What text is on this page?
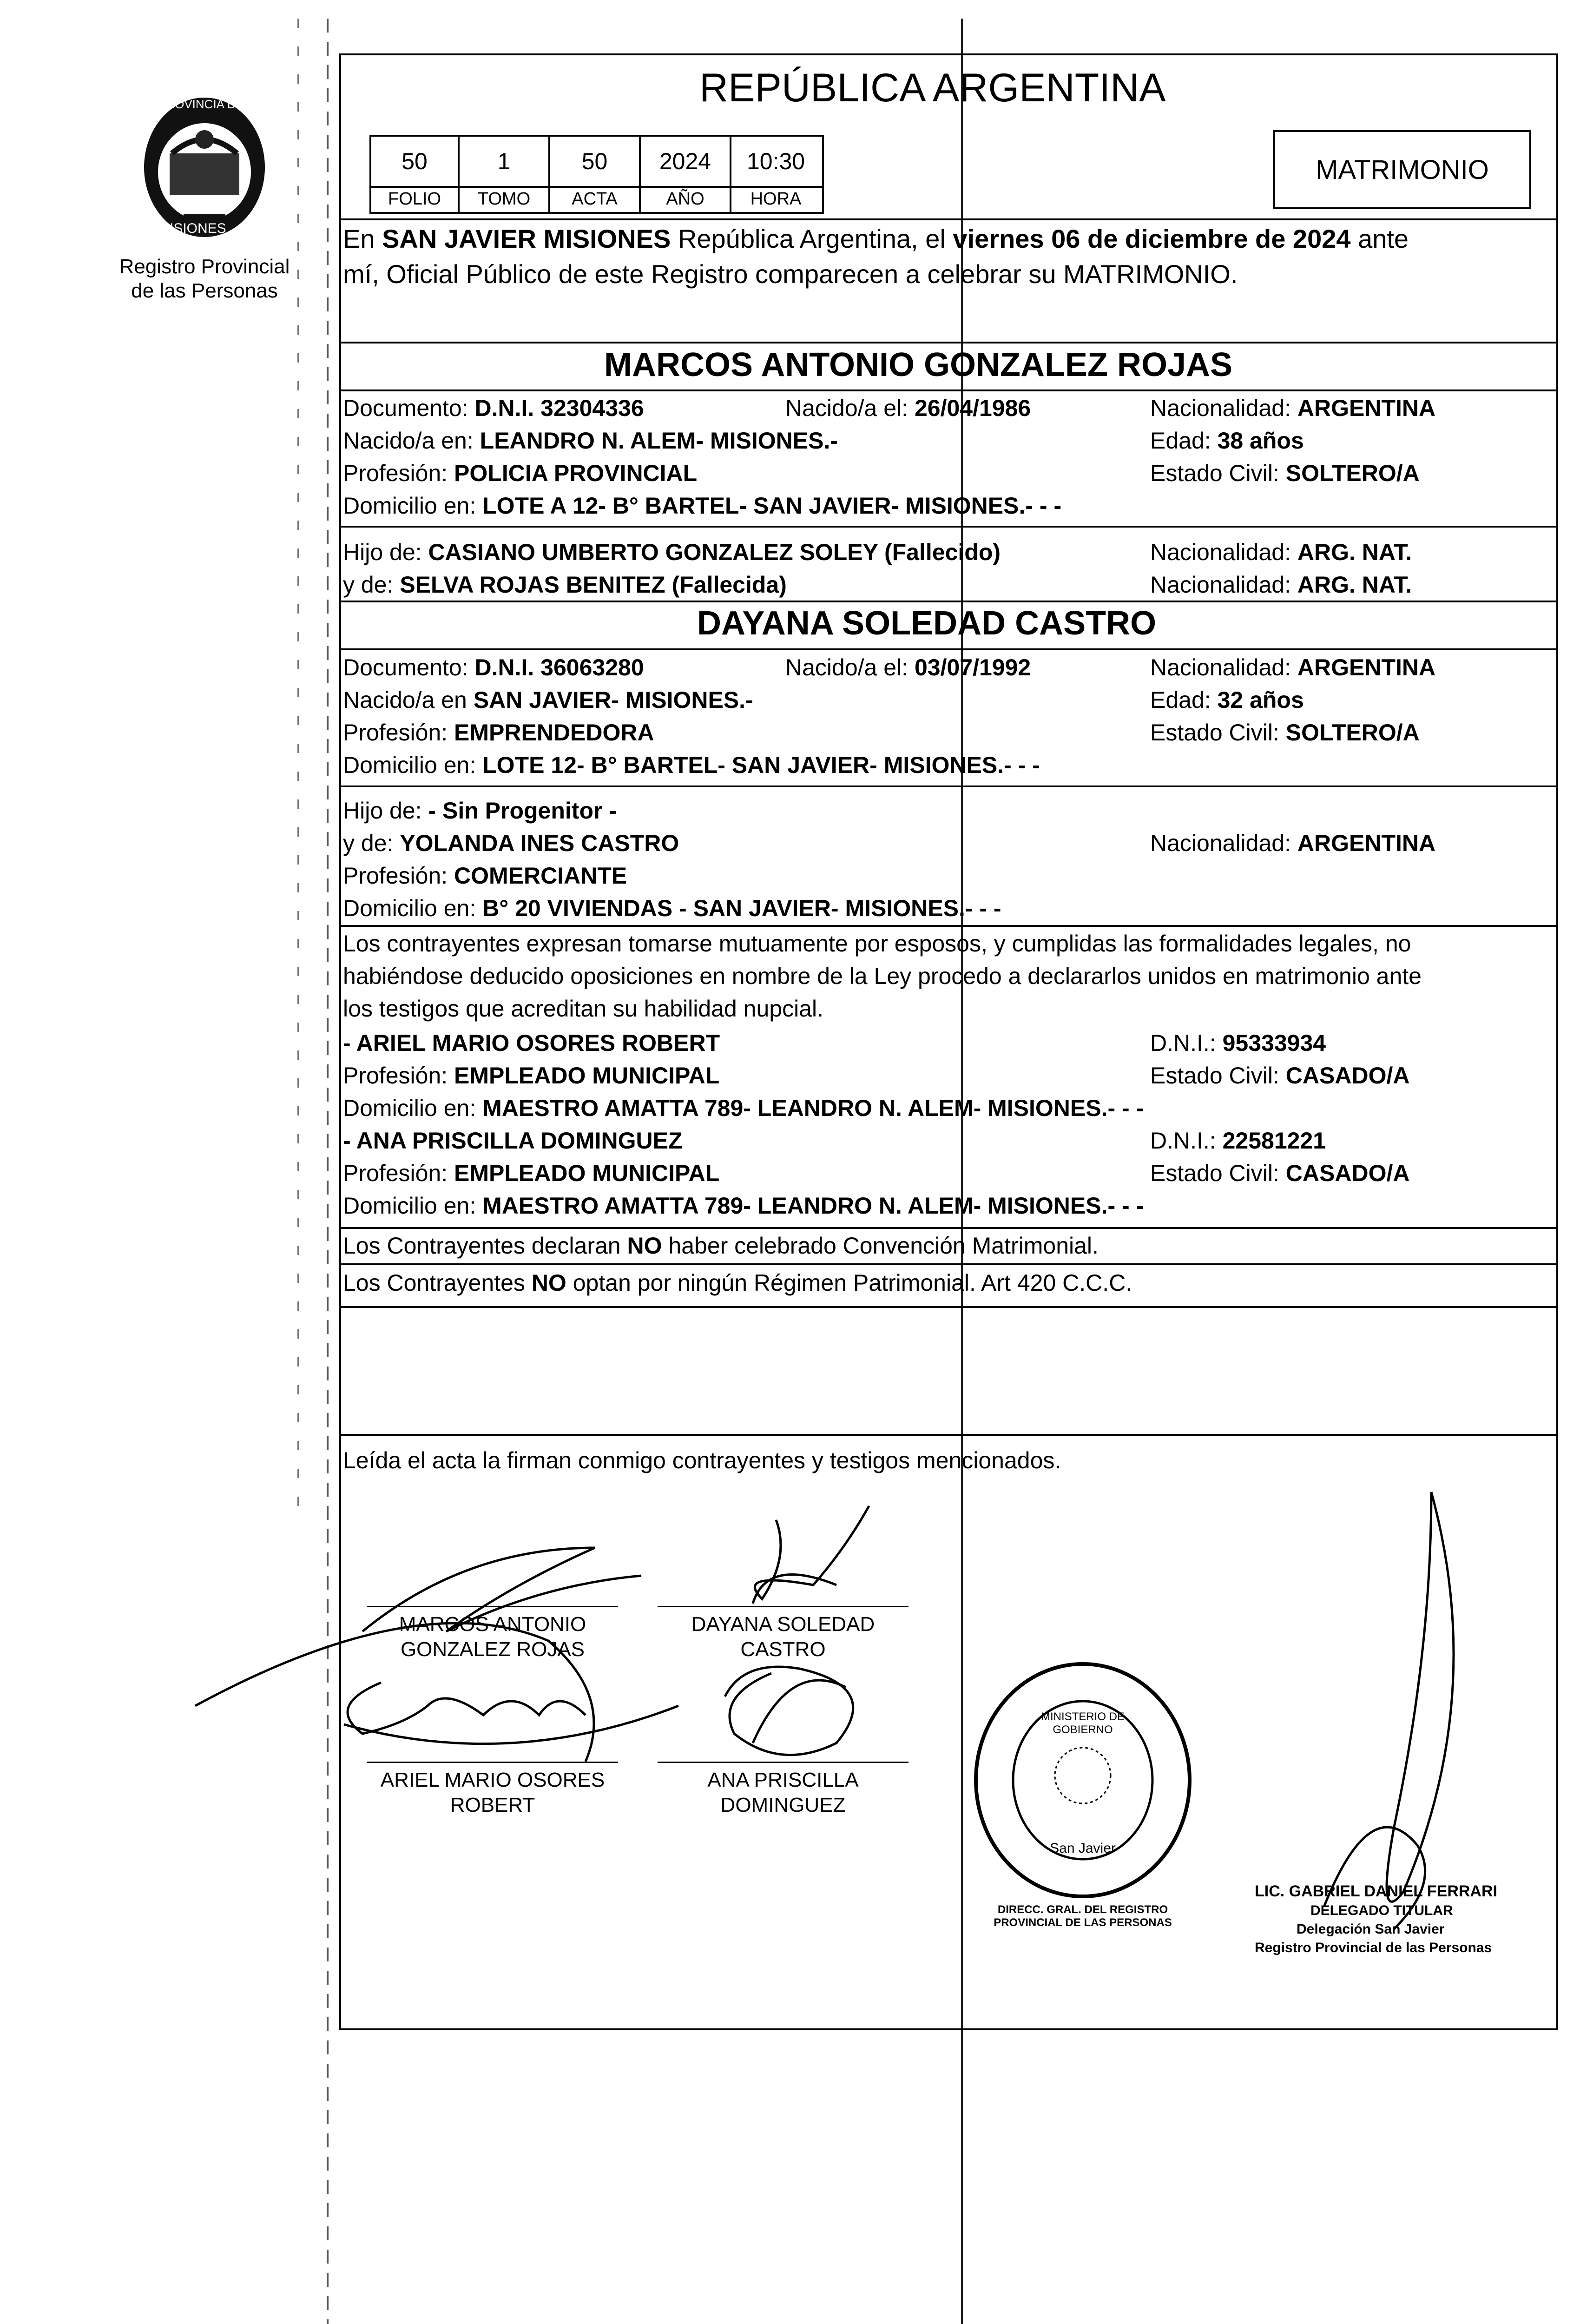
PROVINCIA DE
MISIONES
Registro Provincial
de las Personas
REPÚBLICA ARGENTINA
50	1	50	2024	10:30
FOLIO	TOMO	ACTA	AÑO	HORA
MATRIMONIO
En SAN JAVIER MISIONES República Argentina, el viernes 06 de diciembre de 2024 ante
mí, Oficial Público de este Registro comparecen a celebrar su MATRIMONIO.
MARCOS ANTONIO GONZALEZ ROJAS
Documento: D.N.I. 32304336	Nacido/a el: 26/04/1986	Nacionalidad: ARGENTINA
Nacido/a en: LEANDRO N. ALEM- MISIONES.-	Edad: 38 años
Profesión: POLICIA PROVINCIAL	Estado Civil: SOLTERO/A
Domicilio en: LOTE A 12- B° BARTEL- SAN JAVIER- MISIONES.- - -
Hijo de: CASIANO UMBERTO GONZALEZ SOLEY (Fallecido)	Nacionalidad: ARG. NAT.
y de: SELVA ROJAS BENITEZ (Fallecida)	Nacionalidad: ARG. NAT.
DAYANA SOLEDAD CASTRO
Documento: D.N.I. 36063280	Nacido/a el: 03/07/1992	Nacionalidad: ARGENTINA
Nacido/a en SAN JAVIER- MISIONES.-	Edad: 32 años
Profesión: EMPRENDEDORA	Estado Civil: SOLTERO/A
Domicilio en: LOTE 12- B° BARTEL- SAN JAVIER- MISIONES.- - -
Hijo de: - Sin Progenitor -
y de: YOLANDA INES CASTRO	Nacionalidad: ARGENTINA
Profesión: COMERCIANTE
Domicilio en: B° 20 VIVIENDAS - SAN JAVIER- MISIONES.- - -
Los contrayentes expresan tomarse mutuamente por esposos, y cumplidas las formalidades legales, no
habiéndose deducido oposiciones en nombre de la Ley procedo a declararlos unidos en matrimonio ante
los testigos que acreditan su habilidad nupcial.
- ARIEL MARIO OSORES ROBERT	D.N.I.: 95333934
Profesión: EMPLEADO MUNICIPAL	Estado Civil: CASADO/A
Domicilio en: MAESTRO AMATTA 789- LEANDRO N. ALEM- MISIONES.- - -
- ANA PRISCILLA DOMINGUEZ	D.N.I.: 22581221
Profesión: EMPLEADO MUNICIPAL	Estado Civil: CASADO/A
Domicilio en: MAESTRO AMATTA 789- LEANDRO N. ALEM- MISIONES.- - -
Los Contrayentes declaran NO haber celebrado Convención Matrimonial.
Los Contrayentes NO optan por ningún Régimen Patrimonial. Art 420 C.C.C.
Leída el acta la firman conmigo contrayentes y testigos mencionados.
MARCOS ANTONIO
GONZALEZ ROJAS
DAYANA SOLEDAD
CASTRO
ARIEL MARIO OSORES
ROBERT
ANA PRISCILLA
DOMINGUEZ
DIRECC. GRAL. DEL REGISTRO PROVINCIAL DE LAS PERSONAS
MINISTERIO DE GOBIERNO
San Javier
LIC. GABRIEL DANIEL FERRARI
DELEGADO TITULAR
Delegación San Javier
Registro Provincial de las Personas
